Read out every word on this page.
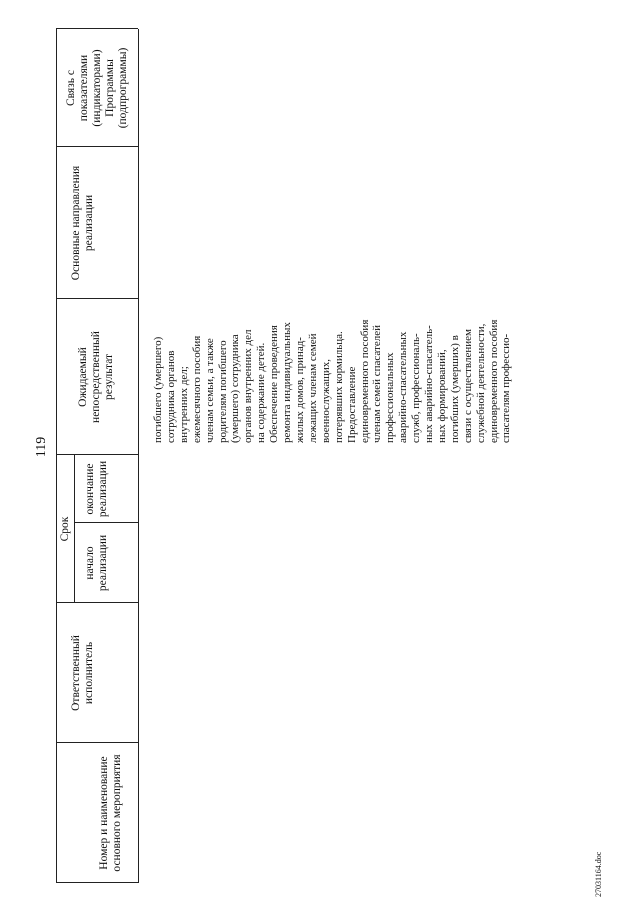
119
27031164.doc
Номер и наименование основного мероприятия
Ответственный исполнитель
Срок
начало реализации
окончание реализации
Ожидаемый непосредственный результат
Основные направления реализации
Связь с показателями (индикаторами) Программы (подпрограммы)
погибшего (умершего)
сотрудника органов
внутренних дел;
ежемесячного пособия
членам семьи, а также
родителям погибшего
(умершего) сотрудника
органов внутренних дел
на содержание детей.
Обеспечение проведения
ремонта индивидуальных
жилых домов, принад-
лежащих членам семей
военнослужащих,
потерявших кормильца.
Предоставление
единовременного пособия
членам семей спасателей
профессиональных
аварийно-спасательных
служб, профессиональ-
ных аварийно-спасатель-
ных формирований,
погибших (умерших) в
связи с осуществлением
служебной деятельности,
единовременного пособия
спасателям профессио-
